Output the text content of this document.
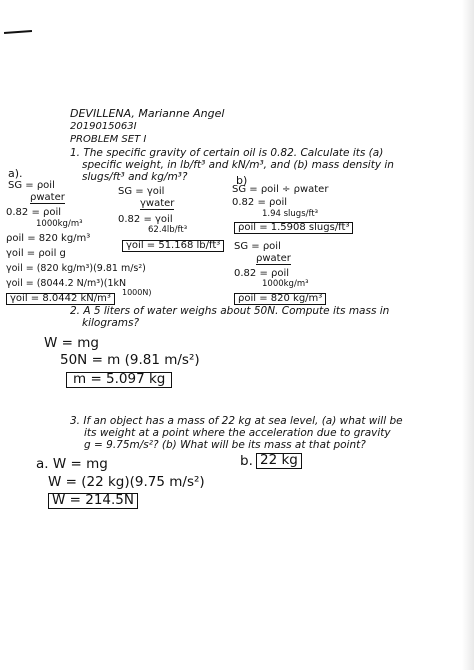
DEVILLENA, Marianne Angel
2019015063I
PROBLEM SET I
1. The specific gravity of certain oil is 0.82. Calculate its (a)
specific weight, in lb/ft³ and kN/m³, and (b) mass density in
slugs/ft³ and kg/m³?
a).
b)
SG = ρoil
ρwater
0.82 = ρoil
1000kg/m³
ρoil = 820 kg/m³
γoil = ρoil g
γoil = (820 kg/m³)(9.81 m/s²)
γoil = (8044.2 N/m³)(1kN
1000N)
γoil = 8.0442 kN/m³
SG = γoil
γwater
0.82 = γoil
62.4lb/ft³
γoil = 51.168 lb/ft³
SG = ρoil ÷ ρwater
0.82 = ρoil
1.94 slugs/ft³
ρoil = 1.5908 slugs/ft³
SG = ρoil
ρwater
0.82 = ρoil
1000kg/m³
ρoil = 820 kg/m³
2. A 5 liters of water weighs about 50N. Compute its mass in
kilograms?
W = mg
50N = m (9.81 m/s²)
m = 5.097 kg
3. If an object has a mass of 22 kg at sea level, (a) what will be
its weight at a point where the acceleration due to gravity
g = 9.75m/s²? (b) What will be its mass at that point?
a. W = mg
W = (22 kg)(9.75 m/s²)
W = 214.5N
b. 22 kg
